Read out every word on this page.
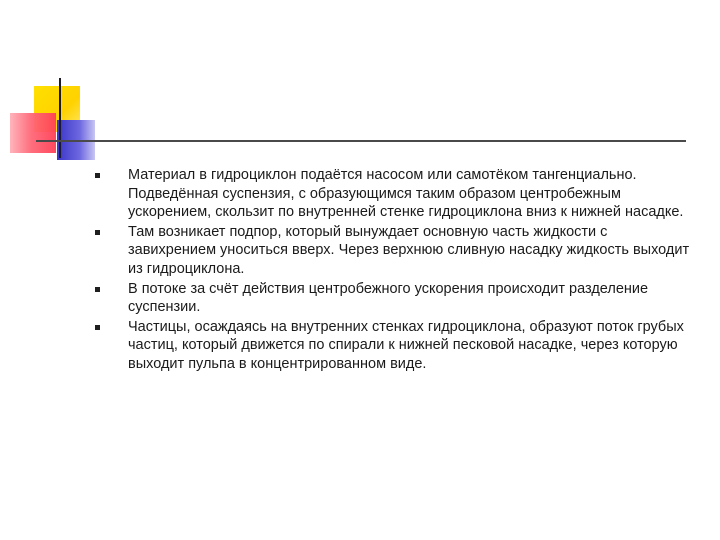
Материал в гидроциклон подаётся насосом или самотёком тангенциально. Подведённая суспензия, с образующимся таким образом центробежным ускорением, скользит по внутренней стенке гидроциклона вниз к нижней насадке.
Там возникает подпор, который вынуждает основную часть жидкости с завихрением уноситься вверх. Через верхнюю сливную насадку жидкость выходит из гидроциклона.
В потоке за счёт действия центробежного ускорения происходит разделение суспензии.
Частицы, осаждаясь на внутренних стенках гидроциклона, образуют поток грубых частиц, который движется по спирали к нижней песковой насадке, через которую выходит пульпа в концентрированном виде.
